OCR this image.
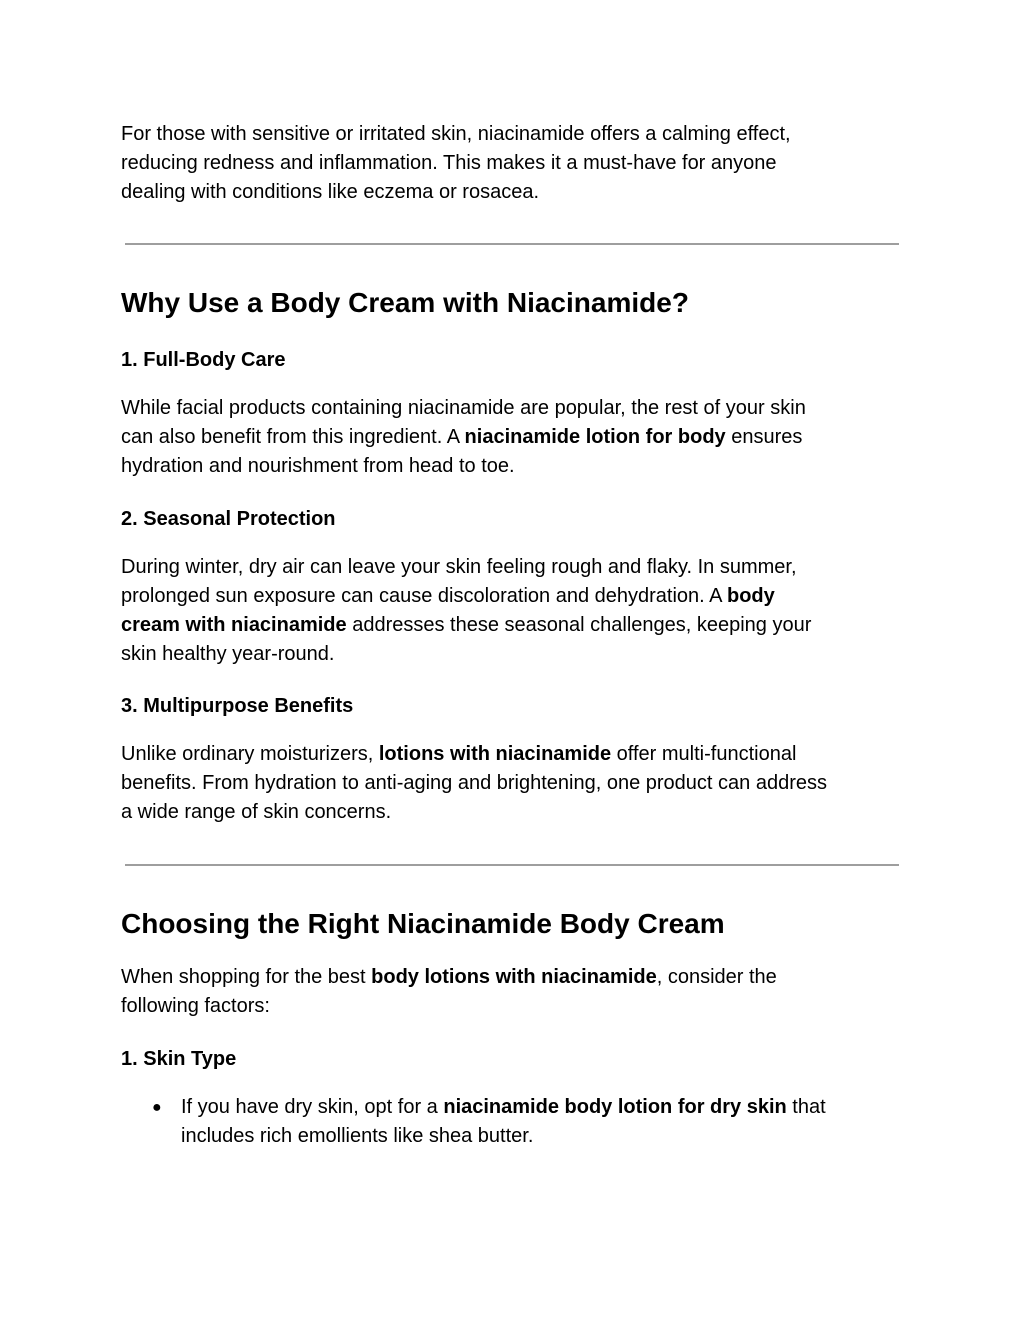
For those with sensitive or irritated skin, niacinamide offers a calming effect,
reducing redness and inflammation. This makes it a must-have for anyone
dealing with conditions like eczema or rosacea.
Why Use a Body Cream with Niacinamide?
1. Full-Body Care
While facial products containing niacinamide are popular, the rest of your skin
can also benefit from this ingredient. A niacinamide lotion for body ensures
hydration and nourishment from head to toe.
2. Seasonal Protection
During winter, dry air can leave your skin feeling rough and flaky. In summer,
prolonged sun exposure can cause discoloration and dehydration. A body
cream with niacinamide addresses these seasonal challenges, keeping your
skin healthy year-round.
3. Multipurpose Benefits
Unlike ordinary moisturizers, lotions with niacinamide offer multi-functional
benefits. From hydration to anti-aging and brightening, one product can address
a wide range of skin concerns.
Choosing the Right Niacinamide Body Cream
When shopping for the best body lotions with niacinamide, consider the
following factors:
1. Skin Type
● If you have dry skin, opt for a niacinamide body lotion for dry skin that
includes rich emollients like shea butter.
